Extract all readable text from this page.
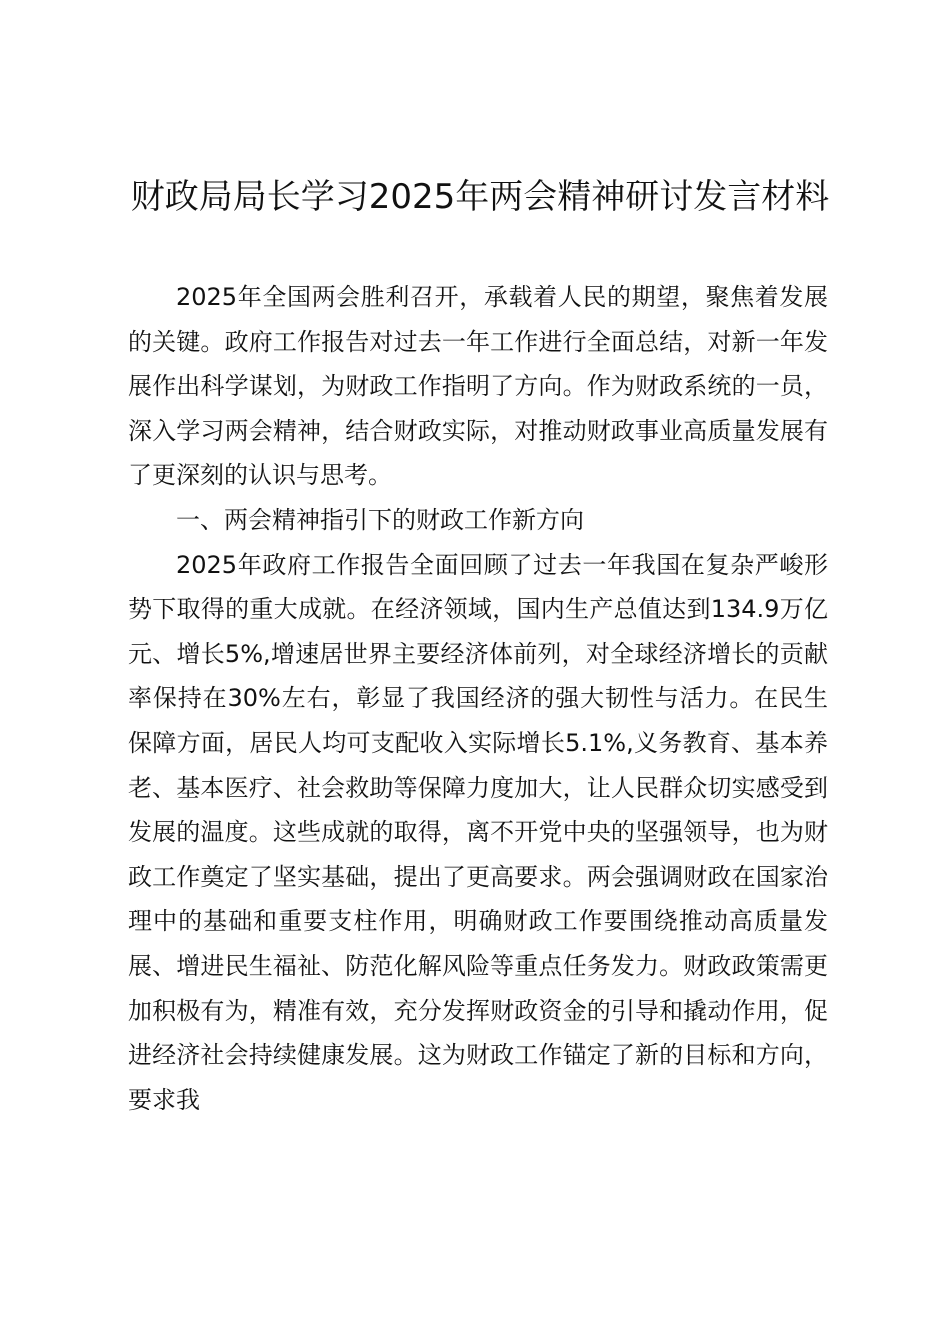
财政局局长学习2025年两会精神研讨发言材料

2025年全国两会胜利召开，承载着人民的期望，聚焦着发展的关键。政府工作报告对过去一年工作进行全面总结，对新一年发展作出科学谋划，为财政工作指明了方向。作为财政系统的一员，深入学习两会精神，结合财政实际，对推动财政事业高质量发展有了更深刻的认识与思考。

一、两会精神指引下的财政工作新方向

2025年政府工作报告全面回顾了过去一年我国在复杂严峻形势下取得的重大成就。在经济领域，国内生产总值达到134.9万亿元、增长5%,增速居世界主要经济体前列，对全球经济增长的贡献率保持在30%左右，彰显了我国经济的强大韧性与活力。在民生保障方面，居民人均可支配收入实际增长5.1%,义务教育、基本养老、基本医疗、社会救助等保障力度加大，让人民群众切实感受到发展的温度。这些成就的取得，离不开党中央的坚强领导，也为财政工作奠定了坚实基础，提出了更高要求。两会强调财政在国家治理中的基础和重要支柱作用，明确财政工作要围绕推动高质量发展、增进民生福祉、防范化解风险等重点任务发力。财政政策需更加积极有为，精准有效，充分发挥财政资金的引导和撬动作用，促进经济社会持续健康发展。这为财政工作锚定了新的目标和方向，要求我
